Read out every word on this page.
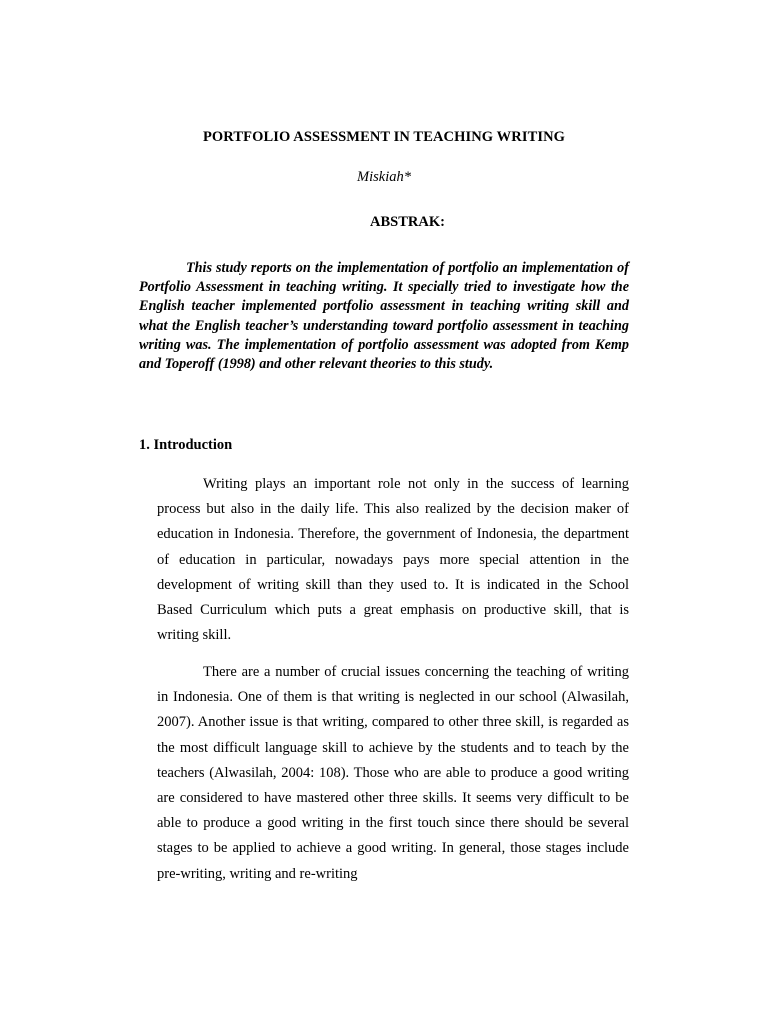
PORTFOLIO ASSESSMENT IN TEACHING WRITING
Miskiah*
ABSTRAK:

This study reports on the implementation of portfolio an implementation of Portfolio Assessment in teaching writing. It specially tried to investigate how the English teacher implemented portfolio assessment in teaching writing skill and what the English teacher’s understanding toward portfolio assessment in teaching writing was. The implementation of portfolio assessment was adopted from Kemp and Toperoff (1998) and other relevant theories to this study.

1. Introduction

Writing plays an important role not only in the success of learning process but also in the daily life. This also realized by the decision maker of education in Indonesia. Therefore, the government of Indonesia, the department of education in particular, nowadays pays more special attention in the development of writing skill than they used to. It is indicated in the School Based Curriculum which puts a great emphasis on productive skill, that is writing skill.

There are a number of crucial issues concerning the teaching of writing in Indonesia. One of them is that writing is neglected in our school (Alwasilah, 2007). Another issue is that writing, compared to other three skill, is regarded as the most difficult language skill to achieve by the students and to teach by the teachers (Alwasilah, 2004: 108). Those who are able to produce a good writing are considered to have mastered other three skills. It seems very difficult to be able to produce a good writing in the first touch since there should be several stages to be applied to achieve a good writing. In general, those stages include pre-writing, writing and re-writing
